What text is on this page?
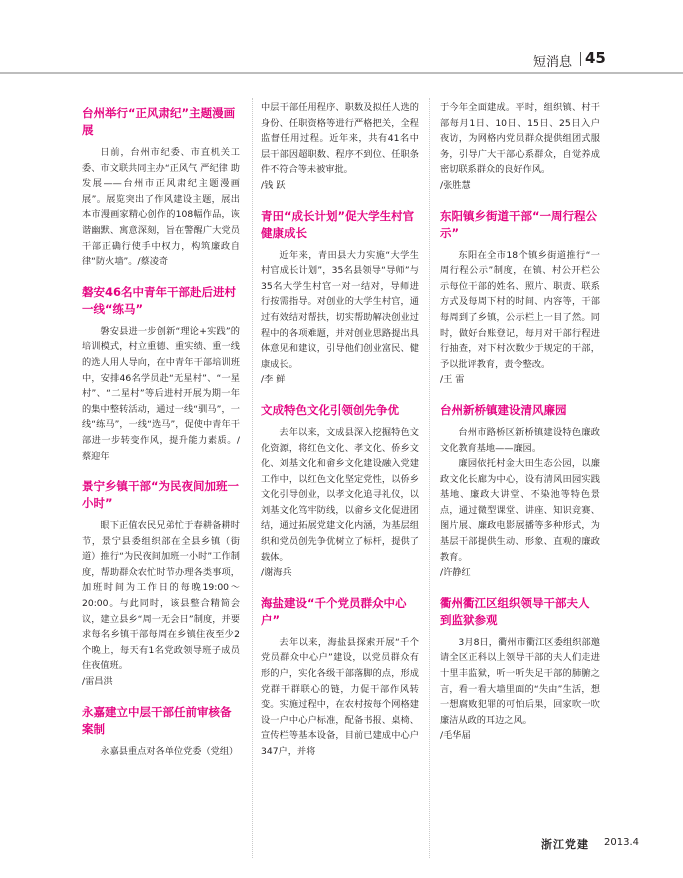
短消息 45
台州举行“正风肃纪”主题漫画展

日前，台州市纪委、市直机关工委、市文联共同主办“正风气 严纪律 助发展——台州市正风肃纪主题漫画展”。展览突出了作风建设主题，展出本市漫画家精心创作的108幅作品，诙谐幽默、寓意深刻，旨在警醒广大党员干部正确行使手中权力，构筑廉政自律“防火墙”。/蔡凌奇

磐安46名中青年干部赴后进村一线“练马”

磐安县进一步创新“理论+实践”的培训模式，村立重德、重实绩、重一线的选人用人导向，在中青年干部培训班中，安排46名学员赴“无星村”、“一星村”、“二星村”等后进村开展为期一年的集中整转活动，通过一线“驯马”，一线“练马”，一线“选马”，促使中青年干部进一步转变作风，提升能力素质。/蔡迎年

景宁乡镇干部“为民夜间加班一小时”

眼下正值农民兄弟忙于春耕备耕时节，景宁县委组织部在全县乡镇（街道）推行“为民夜间加班一小时”工作制度，帮助群众农忙时节办理各类事项，加班时间为工作日的每晚19:00～20:00。与此同时，该县整合精简会议，建立县乡“周一无会日”制度，并要求每名乡镇干部每周在乡镇住夜至少2个晚上，每天有1名党政领导班子成员住夜值班。

/雷昌洪

永嘉建立中层干部任前审核备案制

永嘉县重点对各单位党委（党组）

中层干部任用程序、职数及拟任人选的身份、任职资格等进行严格把关，全程监督任用过程。近年来，共有41名中层干部因超职数、程序不到位、任职条件不符合等未被审批。

/钱 跃

青田“成长计划”促大学生村官健康成长

近年来，青田县大力实施“大学生村官成长计划”，35名县领导“导师”与35名大学生村官一对一结对，导师进行按需指导。对创业的大学生村官，通过有效结对帮扶，切实帮助解决创业过程中的各项难题，并对创业思路提出具体意见和建议，引导他们创业富民、健康成长。

/李 鲜

文成特色文化引领创先争优

去年以来，文成县深入挖掘特色文化资源，将红色文化、孝文化、侨乡文化、刘基文化和畲乡文化建设融入党建工作中，以红色文化坚定党性，以侨乡文化引导创业，以孝文化追寻礼仪，以刘基文化笃牢防线，以畲乡文化促进团结，通过拓展党建文化内涵，为基层组织和党员创先争优树立了标杆，提供了载体。

/谢海兵

海盐建设“千个党员群众中心户”

去年以来，海盐县探索开展“千个党员群众中心户”建设，以党员群众有形的户，实化各级干部落脚的点，形成党群干群联心的链，力促干部作风转变。实施过程中，在农村按每个网格建设一户中心户标准，配备书报、桌椅、宣传栏等基本设备，目前已建成中心户347户，并将

于今年全面建成。平时，组织镇、村干部每月1日、10日、15日、25日入户夜访，为网格内党员群众提供组团式服务，引导广大干部心系群众，自觉养成密切联系群众的良好作风。

/张胜慧

东阳镇乡街道干部“一周行程公示”

东阳在全市18个镇乡街道推行“一周行程公示”制度，在镇、村公开栏公示每位干部的姓名、照片、职责、联系方式及每周下村的时间、内容等，干部每周到了乡镇，公示栏上一目了然。同时，做好台账登记，每月对干部行程进行抽查，对下村次数少于规定的干部，予以批评教育，责令整改。

/王 雷

台州新桥镇建设清风廉园

台州市路桥区新桥镇建设特色廉政文化教育基地——廉园。

廉园依托村金大田生态公园，以廉政文化长廊为中心，设有清风田园实践基地、廉政大讲堂、不染池等特色景点，通过微型课堂、讲座、知识竞赛、图片展、廉政电影展播等多种形式，为基层干部提供生动、形象、直观的廉政教育。

/许静红

衢州衢江区组织领导干部夫人到监狱参观

3月8日，衢州市衢江区委组织部邀请全区正科以上领导干部的夫人们走进十里丰监狱，听一听失足干部的肺腑之言，看一看大墙里面的“失由”生活，想一想腐败犯罪的可怕后果，回家吹一吹廉洁从政的耳边之风。

/毛华届

浙江党建 2013.4
